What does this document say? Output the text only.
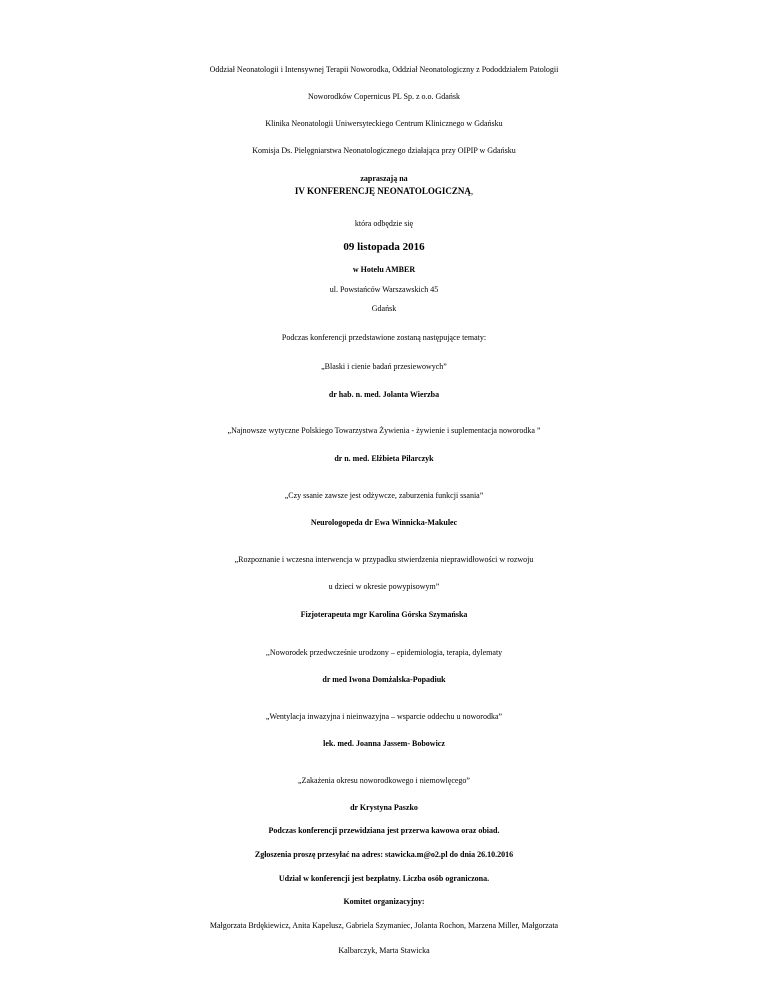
Oddział Neonatologii i Intensywnej Terapii Noworodka, Oddział Neonatologiczny z Pododdziałem Patologii
Noworodków Copernicus PL Sp. z o.o. Gdańsk
Klinika Neonatologii Uniwersyteckiego Centrum Klinicznego w Gdańsku
Komisja Ds. Pielęgniarstwa Neonatologicznego działająca przy OIPIP w Gdańsku
zapraszają na
IV KONFERENCJĘ NEONATOLOGICZNĄ,
która odbędzie się
09 listopada 2016
w Hotelu AMBER
ul. Powstańców Warszawskich 45
Gdańsk
Podczas konferencji przedstawione zostaną następujące tematy:
„Blaski i cienie badań przesiewowych”
dr hab. n. med. Jolanta Wierzba
„Najnowsze wytyczne Polskiego Towarzystwa Żywienia - żywienie i suplementacja noworodka ”
dr n. med. Elżbieta Pilarczyk
„Czy ssanie zawsze jest odżywcze, zaburzenia funkcji ssania”
Neurologopeda dr Ewa Winnicka-Makulec
„Rozpoznanie i wczesna interwencja w przypadku stwierdzenia nieprawidłowości w rozwoju
u dzieci w okresie powypisowym”
Fizjoterapeuta mgr Karolina Górska Szymańska
,,Noworodek przedwcześnie urodzony – epidemiologia, terapia, dylematy
dr med Iwona Domżalska-Popadiuk
„Wentylacja inwazyjna i nieinwazyjna – wsparcie oddechu u noworodka”
lek. med. Joanna Jassem- Bobowicz
„Zakażenia okresu noworodkowego i niemowlęcego”
dr Krystyna Paszko
Podczas konferencji przewidziana jest przerwa kawowa oraz obiad.
Zgłoszenia proszę przesyłać na adres: stawicka.m@o2.pl do dnia 26.10.2016
Udział w konferencji jest bezpłatny. Liczba osób ograniczona.
Komitet organizacyjny:
Małgorzata Brdękiewicz, Anita Kapelusz, Gabriela Szymaniec, Jolanta Rochon, Marzena Miller, Małgorzata
Kalbarczyk, Marta Stawicka
